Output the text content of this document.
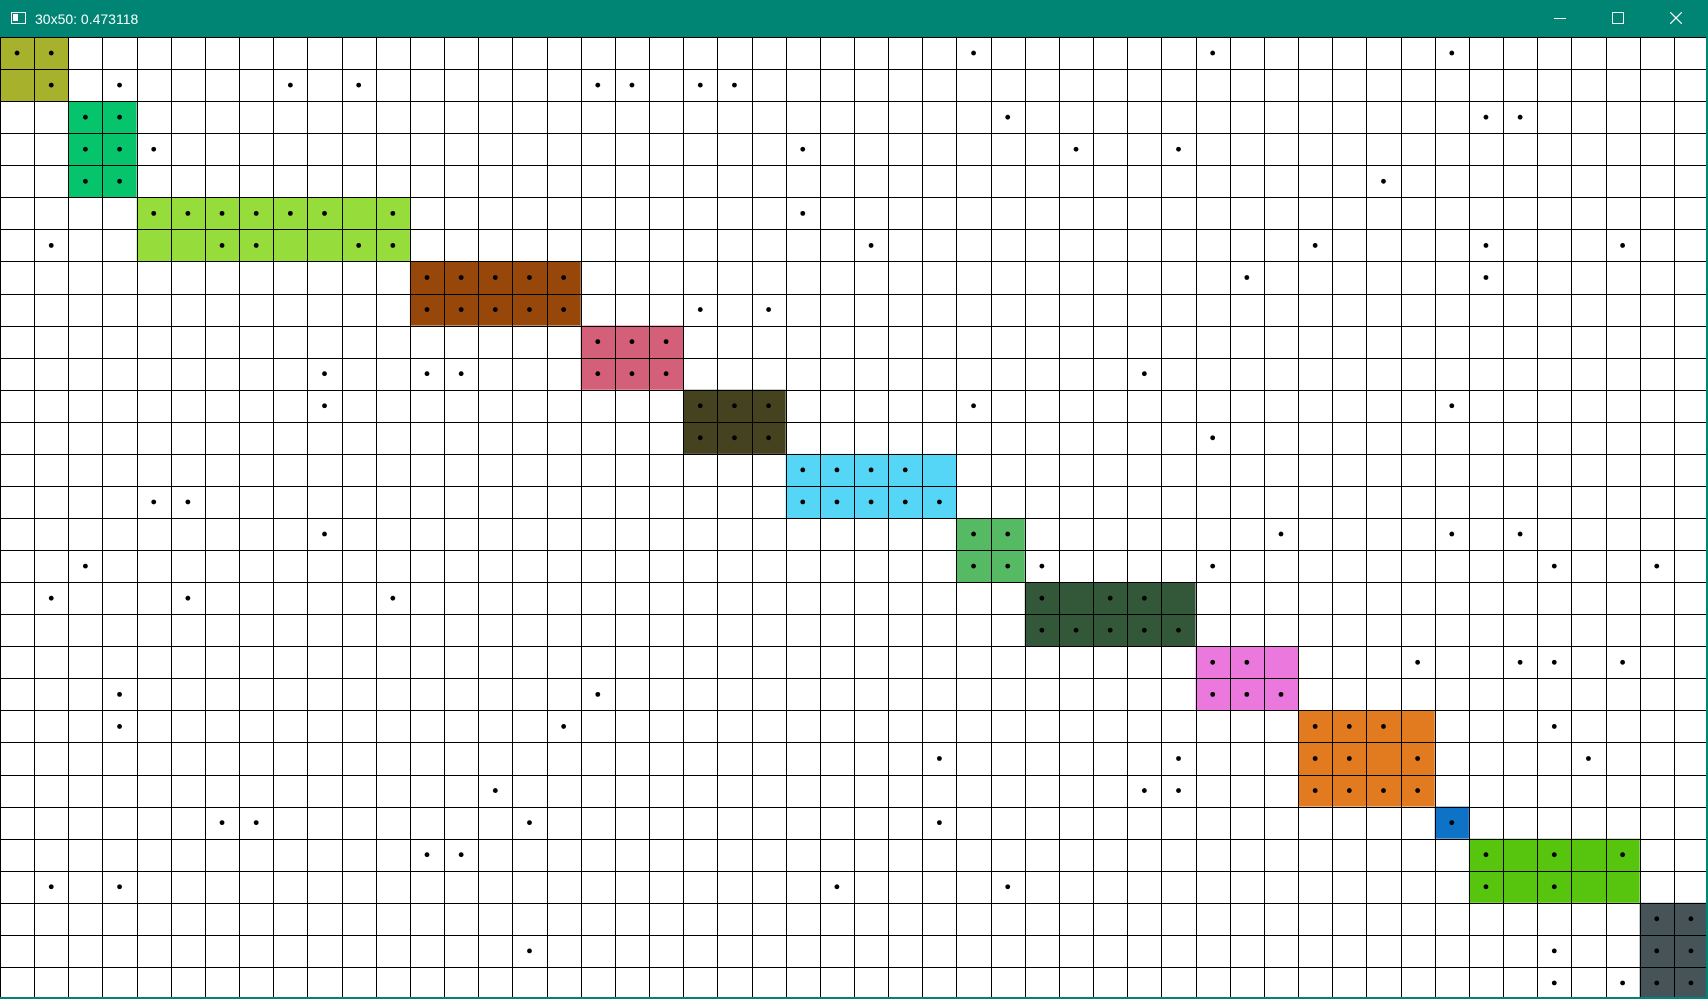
30x50: 0.473118
